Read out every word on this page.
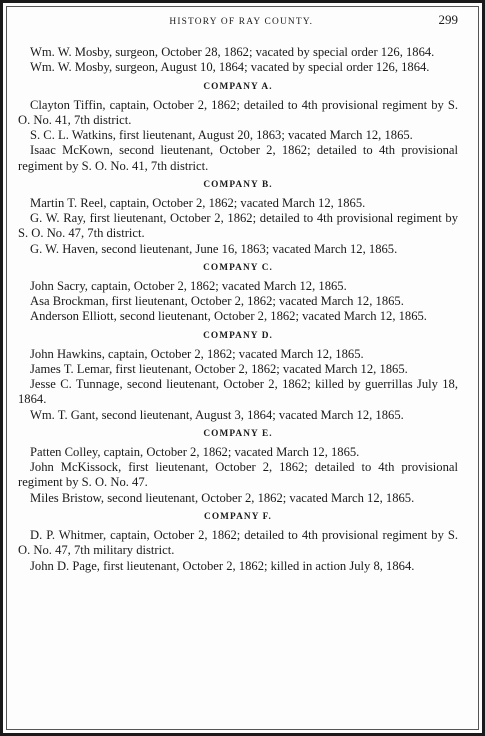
HISTORY OF RAY COUNTY.	299

Wm. W. Mosby, surgeon, October 28, 1862; vacated by special order 126, 1864.

Wm. W. Mosby, surgeon, August 10, 1864; vacated by special order 126, 1864.

COMPANY A.

Clayton Tiffin, captain, October 2, 1862; detailed to 4th provisional regiment by S. O. No. 41, 7th district.

S. C. L. Watkins, first lieutenant, August 20, 1863; vacated March 12, 1865.

Isaac McKown, second lieutenant, October 2, 1862; detailed to 4th provisional regiment by S. O. No. 41, 7th district.

COMPANY B.

Martin T. Reel, captain, October 2, 1862; vacated March 12, 1865.

G. W. Ray, first lieutenant, October 2, 1862; detailed to 4th provisional regiment by S. O. No. 47, 7th district.

G. W. Haven, second lieutenant, June 16, 1863; vacated March 12, 1865.

COMPANY C.

John Sacry, captain, October 2, 1862; vacated March 12, 1865.

Asa Brockman, first lieutenant, October 2, 1862; vacated March 12, 1865.

Anderson Elliott, second lieutenant, October 2, 1862; vacated March 12, 1865.

COMPANY D.

John Hawkins, captain, October 2, 1862; vacated March 12, 1865.

James T. Lemar, first lieutenant, October 2, 1862; vacated March 12, 1865.

Jesse C. Tunnage, second lieutenant, October 2, 1862; killed by guerrillas July 18, 1864.

Wm. T. Gant, second lieutenant, August 3, 1864; vacated March 12, 1865.

COMPANY E.

Patten Colley, captain, October 2, 1862; vacated March 12, 1865.

John McKissock, first lieutenant, October 2, 1862; detailed to 4th provisional regiment by S. O. No. 47.

Miles Bristow, second lieutenant, October 2, 1862; vacated March 12, 1865.

COMPANY F.

D. P. Whitmer, captain, October 2, 1862; detailed to 4th provisional regiment by S. O. No. 47, 7th military district.

John D. Page, first lieutenant, October 2, 1862; killed in action July 8, 1864.
